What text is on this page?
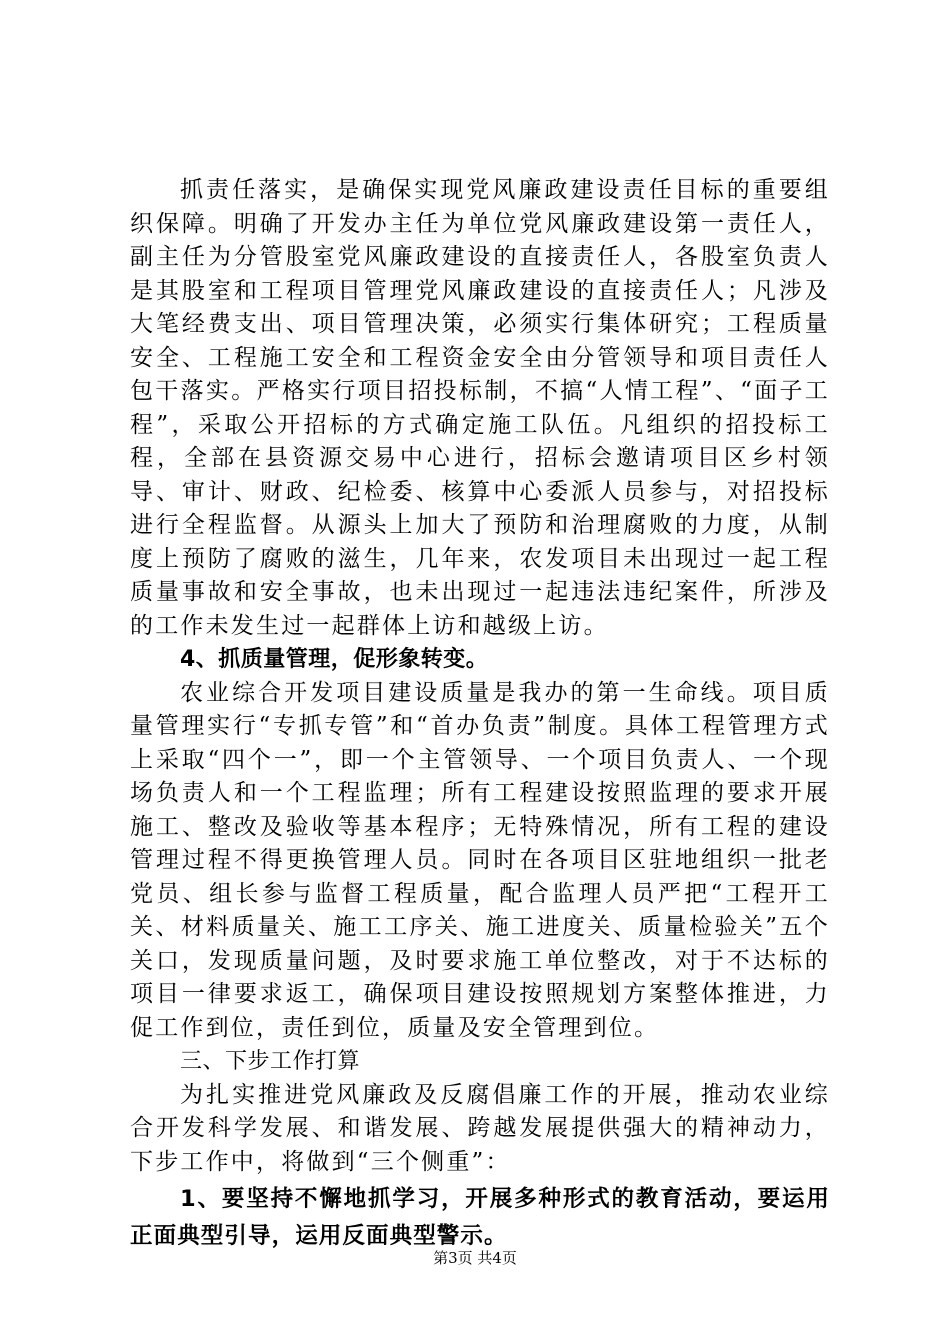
抓责任落实，是确保实现党风廉政建设责任目标的重要组织保障。明确了开发办主任为单位党风廉政建设第一责任人，副主任为分管股室党风廉政建设的直接责任人，各股室负责人是其股室和工程项目管理党风廉政建设的直接责任人；凡涉及大笔经费支出、项目管理决策，必须实行集体研究；工程质量安全、工程施工安全和工程资金安全由分管领导和项目责任人包干落实。严格实行项目招投标制，不搞“人情工程”、“面子工程”，采取公开招标的方式确定施工队伍。凡组织的招投标工程，全部在县资源交易中心进行，招标会邀请项目区乡村领导、审计、财政、纪检委、核算中心委派人员参与，对招投标进行全程监督。从源头上加大了预防和治理腐败的力度，从制度上预防了腐败的滋生，几年来，农发项目未出现过一起工程质量事故和安全事故，也未出现过一起违法违纪案件，所涉及的工作未发生过一起群体上访和越级上访。

4、抓质量管理，促形象转变。

农业综合开发项目建设质量是我办的第一生命线。项目质量管理实行“专抓专管”和“首办负责”制度。具体工程管理方式上采取“四个一”，即一个主管领导、一个项目负责人、一个现场负责人和一个工程监理；所有工程建设按照监理的要求开展施工、整改及验收等基本程序；无特殊情况，所有工程的建设管理过程不得更换管理人员。同时在各项目区驻地组织一批老党员、组长参与监督工程质量，配合监理人员严把“工程开工关、材料质量关、施工工序关、施工进度关、质量检验关”五个关口，发现质量问题，及时要求施工单位整改，对于不达标的项目一律要求返工，确保项目建设按照规划方案整体推进，力促工作到位，责任到位，质量及安全管理到位。

三、下步工作打算

为扎实推进党风廉政及反腐倡廉工作的开展，推动农业综合开发科学发展、和谐发展、跨越发展提供强大的精神动力，下步工作中，将做到“三个侧重”：

1、要坚持不懈地抓学习，开展多种形式的教育活动，要运用正面典型引导，运用反面典型警示。

第3页 共4页
